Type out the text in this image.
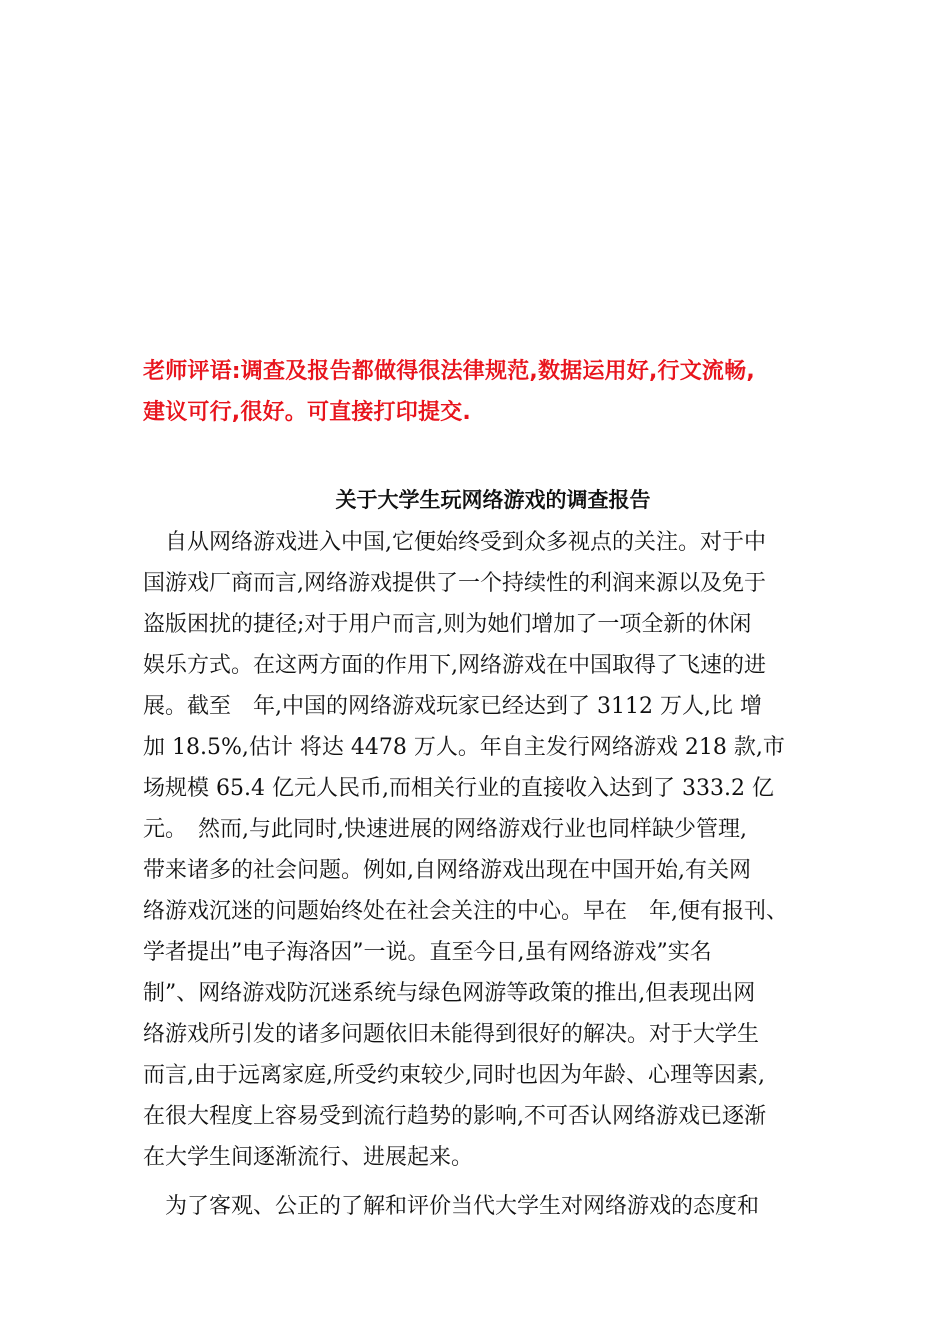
老师评语:调查及报告都做得很法律规范,数据运用好,行文流畅,
建议可行,很好。可直接打印提交.
关于大学生玩网络游戏的调查报告
　自从网络游戏进入中国,它便始终受到众多视点的关注。对于中
国游戏厂商而言,网络游戏提供了一个持续性的利润来源以及免于
盗版困扰的捷径;对于用户而言,则为她们增加了一项全新的休闲
娱乐方式。在这两方面的作用下,网络游戏在中国取得了飞速的进
展。截至　年,中国的网络游戏玩家已经达到了 3112 万人,比 增
加 18.5%,估计 将达 4478 万人。年自主发行网络游戏 218 款,市
场规模 65.4 亿元人民币,而相关行业的直接收入达到了 333.2 亿
元。　然而,与此同时,快速进展的网络游戏行业也同样缺少管理,
带来诸多的社会问题。例如,自网络游戏出现在中国开始,有关网
络游戏沉迷的问题始终处在社会关注的中心。早在　年,便有报刊、
学者提出”电子海洛因”一说。直至今日,虽有网络游戏”实名
制”、网络游戏防沉迷系统与绿色网游等政策的推出,但表现出网
络游戏所引发的诸多问题依旧未能得到很好的解决。对于大学生
而言,由于远离家庭,所受约束较少,同时也因为年龄、心理等因素,
在很大程度上容易受到流行趋势的影响,不可否认网络游戏已逐渐
在大学生间逐渐流行、进展起来。
　为了客观、公正的了解和评价当代大学生对网络游戏的态度和
